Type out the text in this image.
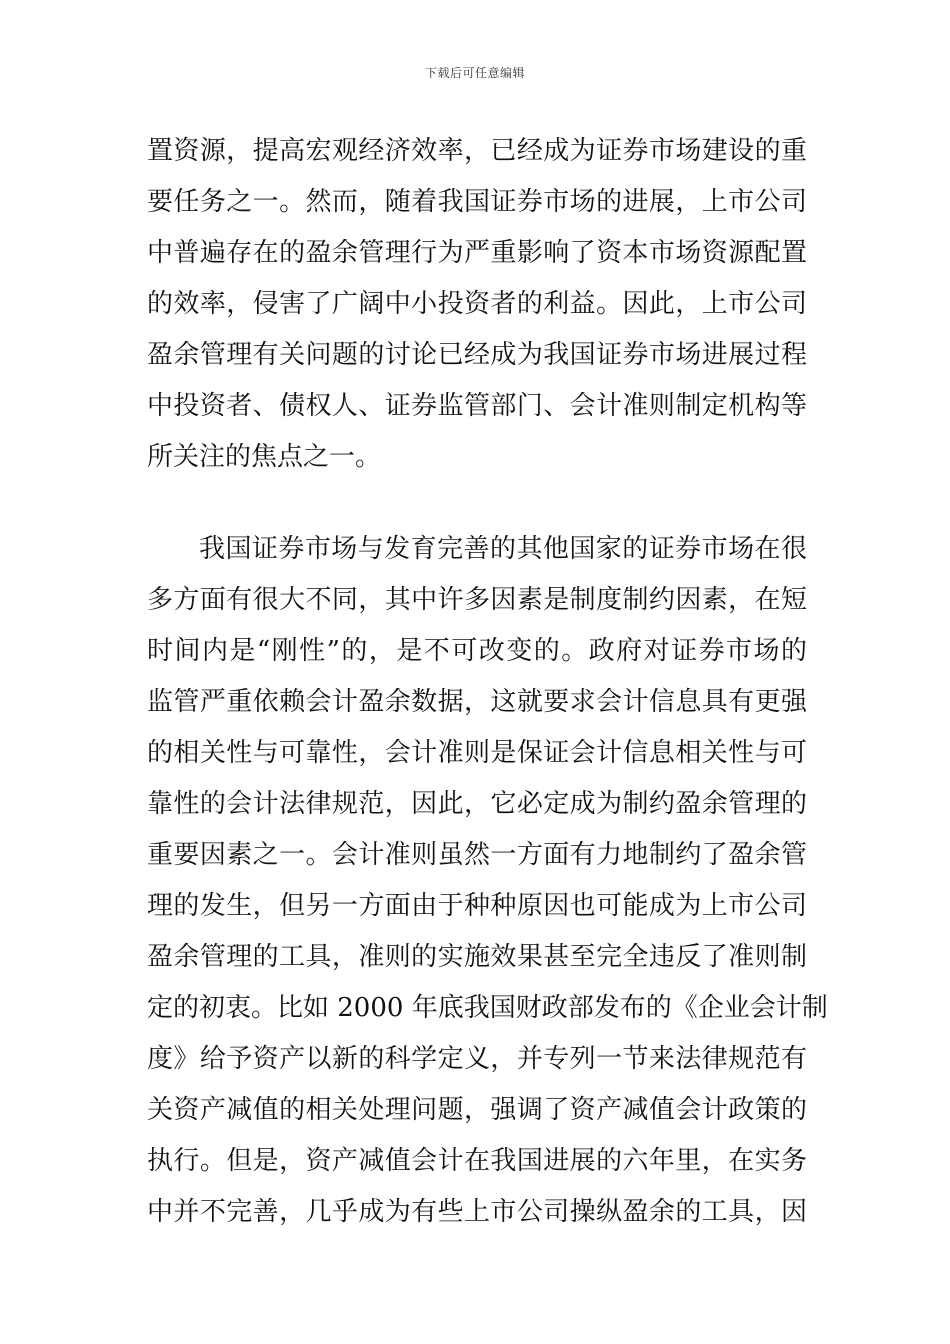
下载后可任意编辑
置资源，提高宏观经济效率，已经成为证券市场建设的重
要任务之一。然而，随着我国证券市场的进展，上市公司
中普遍存在的盈余管理行为严重影响了资本市场资源配置
的效率，侵害了广阔中小投资者的利益。因此，上市公司
盈余管理有关问题的讨论已经成为我国证券市场进展过程
中投资者、债权人、证券监管部门、会计准则制定机构等
所关注的焦点之一。
我国证券市场与发育完善的其他国家的证券市场在很
多方面有很大不同，其中许多因素是制度制约因素，在短
时间内是“刚性”的，是不可改变的。政府对证券市场的
监管严重依赖会计盈余数据，这就要求会计信息具有更强
的相关性与可靠性，会计准则是保证会计信息相关性与可
靠性的会计法律规范，因此，它必定成为制约盈余管理的
重要因素之一。会计准则虽然一方面有力地制约了盈余管
理的发生，但另一方面由于种种原因也可能成为上市公司
盈余管理的工具，准则的实施效果甚至完全违反了准则制
定的初衷。比如 2000 年底我国财政部发布的《企业会计制
度》给予资产以新的科学定义，并专列一节来法律规范有
关资产减值的相关处理问题，强调了资产减值会计政策的
执行。但是，资产减值会计在我国进展的六年里，在实务
中并不完善，几乎成为有些上市公司操纵盈余的工具，因
